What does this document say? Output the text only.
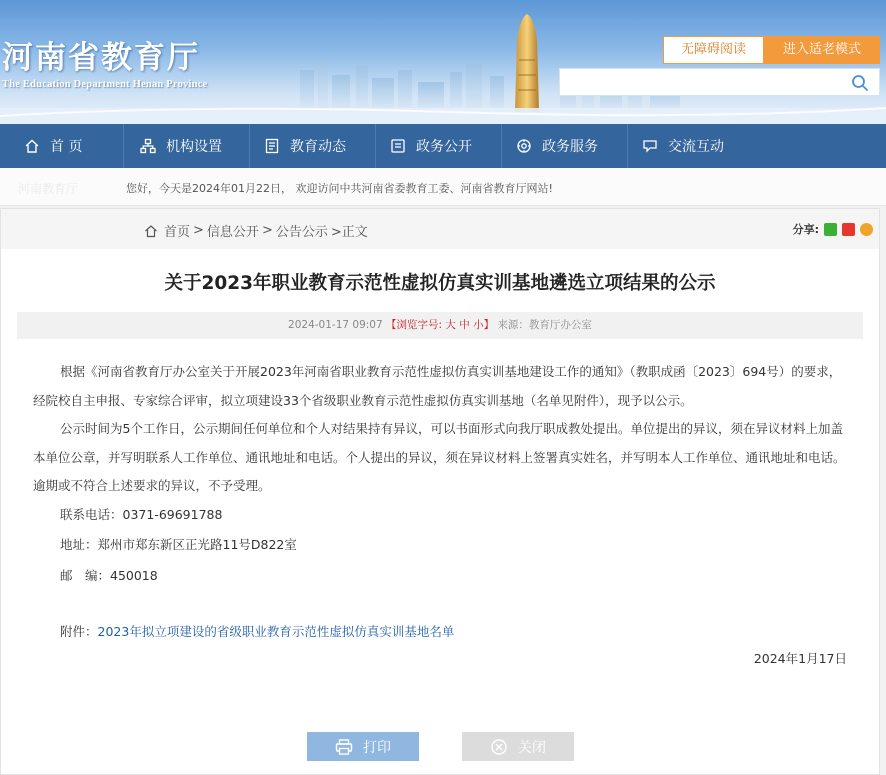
河南省教育厅
The Education Department Henan Province
无障碍阅读	进入适老模式
首 页	机构设置	教育动态	政务公开	政务服务	交流互动
河南教育厅	您好，今天是2024年01月22日， 欢迎访问中共河南省委教育工委、河南省教育厅网站!
首页 > 信息公开 > 公告公示 >正文	分享:
关于2023年职业教育示范性虚拟仿真实训基地遴选立项结果的公示
2024-01-17 09:07 【浏览字号: 大 中 小】 来源：教育厅办公室

根据《河南省教育厅办公室关于开展2023年河南省职业教育示范性虚拟仿真实训基地建设工作的通知》（教职成函〔2023〕694号）的要求，经院校自主申报、专家综合评审，拟立项建设33个省级职业教育示范性虚拟仿真实训基地（名单见附件），现予以公示。

公示时间为5个工作日，公示期间任何单位和个人对结果持有异议，可以书面形式向我厅职成教处提出。单位提出的异议，须在异议材料上加盖本单位公章，并写明联系人工作单位、通讯地址和电话。个人提出的异议，须在异议材料上签署真实姓名，并写明本人工作单位、通讯地址和电话。逾期或不符合上述要求的异议，不予受理。

联系电话：0371-69691788
地址：郑州市郑东新区正光路11号D822室
邮　编：450018
附件：2023年拟立项建设的省级职业教育示范性虚拟仿真实训基地名单
2024年1月17日
打印	关闭
